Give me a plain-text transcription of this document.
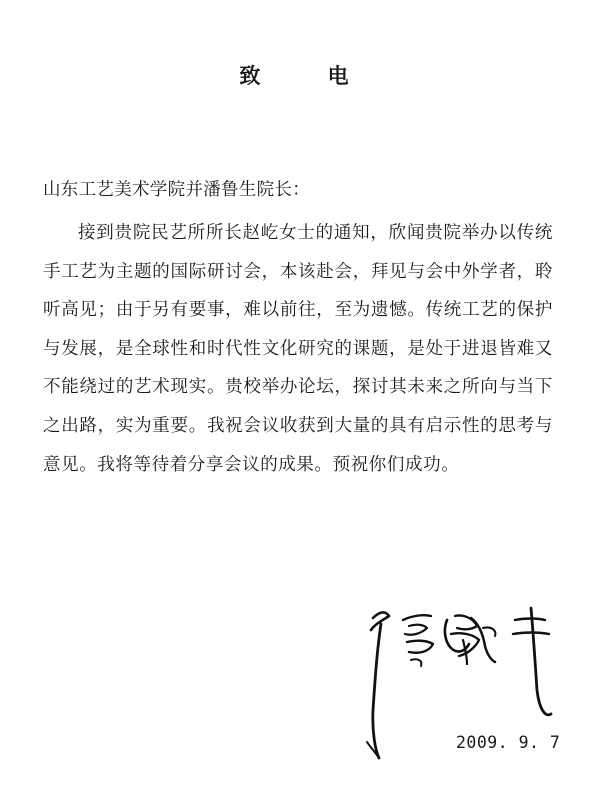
致 电
山东工艺美术学院并潘鲁生院长：

接到贵院民艺所所长赵屹女士的通知，欣闻贵院举办以传统手工艺为主题的国际研讨会，本该赴会，拜见与会中外学者，聆听高见；由于另有要事，难以前往，至为遗憾。传统工艺的保护与发展，是全球性和时代性文化研究的课题，是处于进退皆难又不能绕过的艺术现实。贵校举办论坛，探讨其未来之所向与当下之出路，实为重要。我祝会议收获到大量的具有启示性的思考与意见。我将等待着分享会议的成果。预祝你们成功。

2009. 9. 7
